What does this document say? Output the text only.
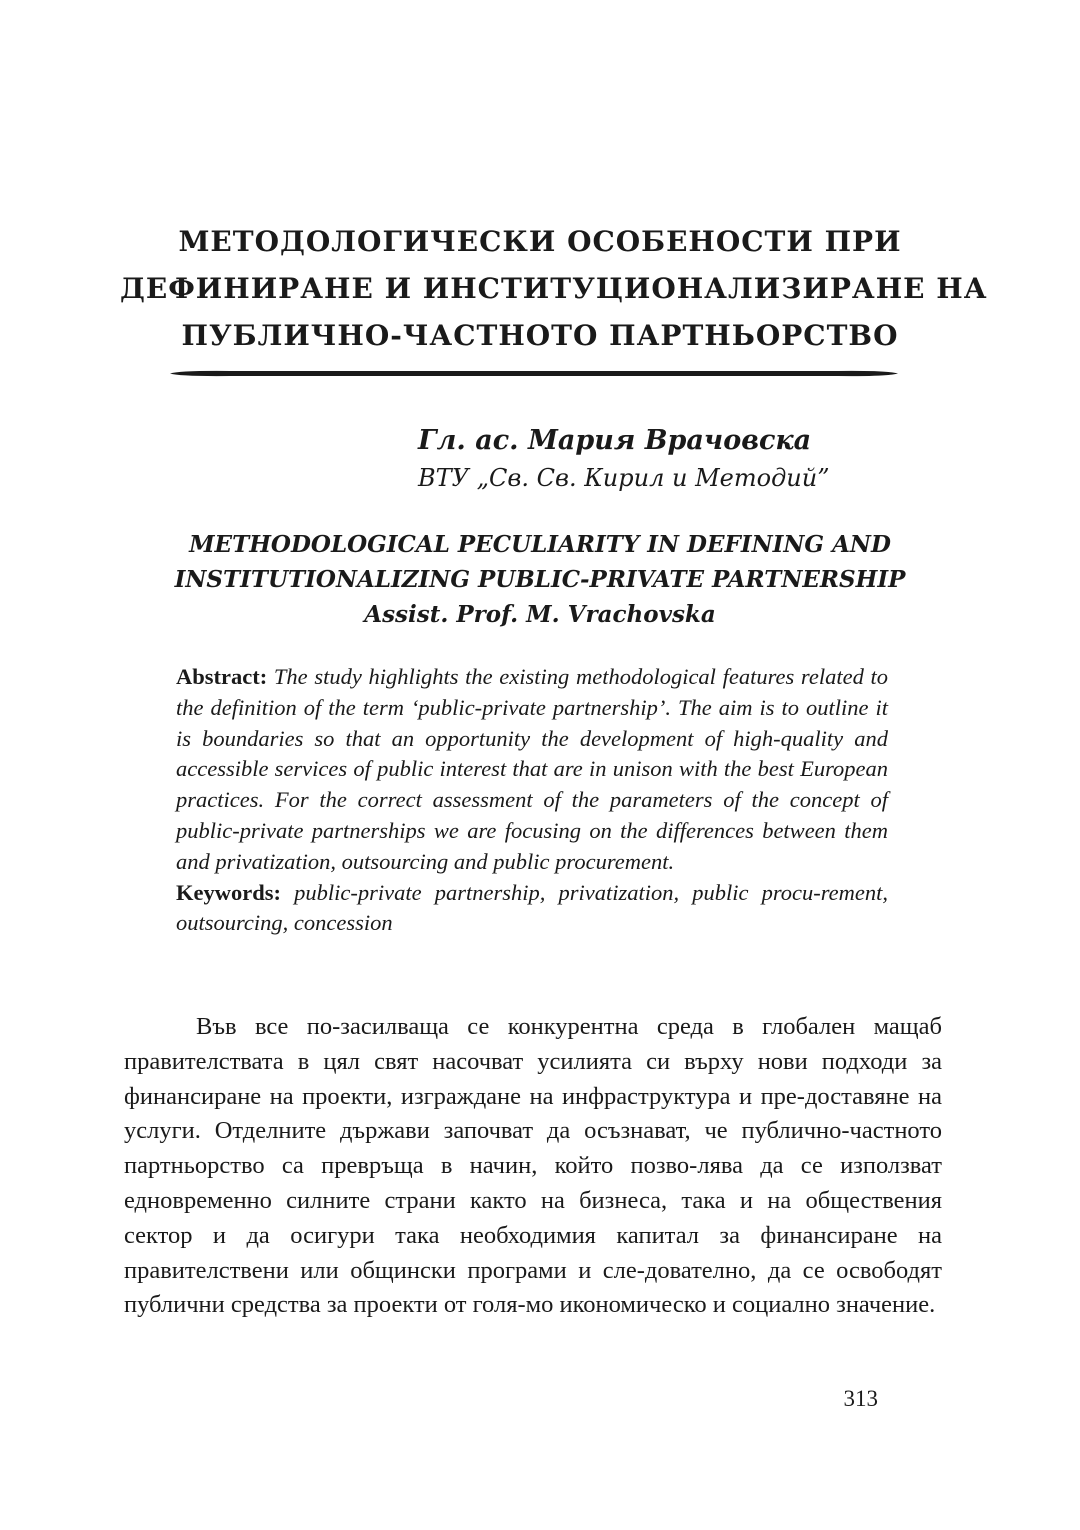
МЕТОДОЛОГИЧЕСКИ ОСОБЕНОСТИ ПРИ
ДЕФИНИРАНЕ И ИНСТИТУЦИОНАЛИЗИРАНЕ НА
ПУБЛИЧНО-ЧАСТНОТО ПАРТНЬОРСТВО
Гл. ас. Мария Врачовска
ВТУ „Св. Св. Кирил и Методий”
METHODOLOGICAL PECULIARITY IN DEFINING AND
INSTITUTIONALIZING PUBLIC-PRIVATE PARTNERSHIP
Assist. Prof. M. Vrachovska
Abstract: The study highlights the existing methodological features related to the definition of the term ‘public-private partnership’. The aim is to outline it is boundaries so that an opportunity the development of high-quality and accessible services of public interest that are in unison with the best European practices. For the correct assessment of the parameters of the concept of public-private partnerships we are focusing on the differences between them and privatization, outsourcing and public procurement.
Keywords: public-private partnership, privatization, public procu-rement, outsourcing, concession
Във все по-засилваща се конкурентна среда в глобален мащаб правителствата в цял свят насочват усилията си върху нови подходи за финансиране на проекти, изграждане на инфраструктура и пре-доставяне на услуги. Отделните държави започват да осъзнават, че публично-частното партньорство са превръща в начин, който позво-лява да се използват едновременно силните страни както на бизнеса, така и на обществения сектор и да осигури така необходимия капитал за финансиране на правителствени или общински програми и сле-дователно, да се освободят публични средства за проекти от голя-мо икономическо и социално значение.
313
